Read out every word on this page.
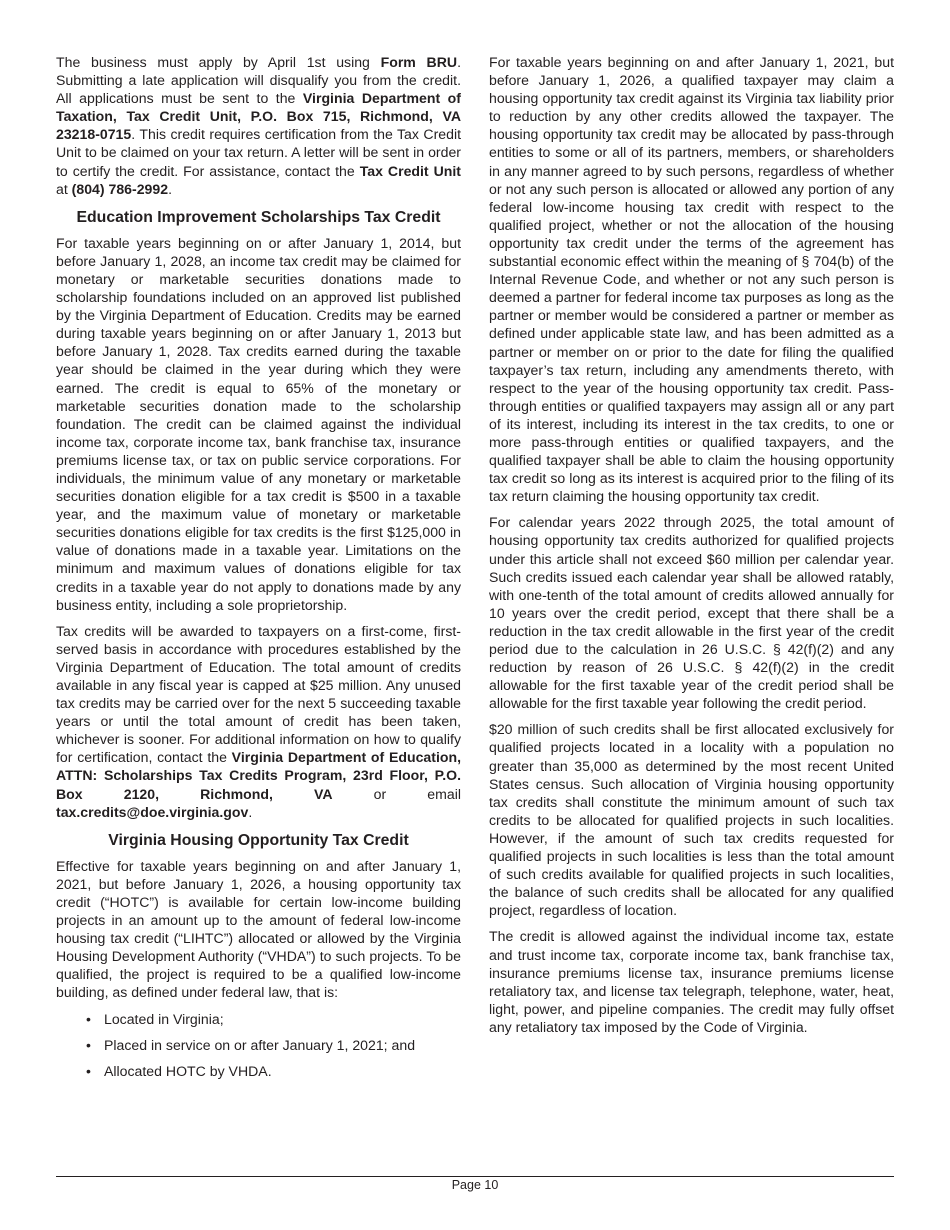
The business must apply by April 1st using Form BRU. Submitting a late application will disqualify you from the credit. All applications must be sent to the Virginia Department of Taxation, Tax Credit Unit, P.O. Box 715, Richmond, VA 23218-0715. This credit requires certification from the Tax Credit Unit to be claimed on your tax return. A letter will be sent in order to certify the credit. For assistance, contact the Tax Credit Unit at (804) 786-2992.

Education Improvement Scholarships Tax Credit

For taxable years beginning on or after January 1, 2014, but before January 1, 2028, an income tax credit may be claimed for monetary or marketable securities donations made to scholarship foundations included on an approved list published by the Virginia Department of Education. Credits may be earned during taxable years beginning on or after January 1, 2013 but before January 1, 2028. Tax credits earned during the taxable year should be claimed in the year during which they were earned. The credit is equal to 65% of the monetary or marketable securities donation made to the scholarship foundation. The credit can be claimed against the individual income tax, corporate income tax, bank franchise tax, insurance premiums license tax, or tax on public service corporations. For individuals, the minimum value of any monetary or marketable securities donation eligible for a tax credit is $500 in a taxable year, and the maximum value of monetary or marketable securities donations eligible for tax credits is the first $125,000 in value of donations made in a taxable year. Limitations on the minimum and maximum values of donations eligible for tax credits in a taxable year do not apply to donations made by any business entity, including a sole proprietorship.

Tax credits will be awarded to taxpayers on a first-come, first-served basis in accordance with procedures established by the Virginia Department of Education. The total amount of credits available in any fiscal year is capped at $25 million. Any unused tax credits may be carried over for the next 5 succeeding taxable years or until the total amount of credit has been taken, whichever is sooner. For additional information on how to qualify for certification, contact the Virginia Department of Education, ATTN: Scholarships Tax Credits Program, 23rd Floor, P.O. Box 2120, Richmond, VA or email tax.credits@doe.virginia.gov.

Virginia Housing Opportunity Tax Credit

Effective for taxable years beginning on and after January 1, 2021, but before January 1, 2026, a housing opportunity tax credit (“HOTC”) is available for certain low-income building projects in an amount up to the amount of federal low-income housing tax credit (“LIHTC”) allocated or allowed by the Virginia Housing Development Authority (“VHDA”) to such projects. To be qualified, the project is required to be a qualified low-income building, as defined under federal law, that is:

• Located in Virginia;
• Placed in service on or after January 1, 2021; and
• Allocated HOTC by VHDA.

For taxable years beginning on and after January 1, 2021, but before January 1, 2026, a qualified taxpayer may claim a housing opportunity tax credit against its Virginia tax liability prior to reduction by any other credits allowed the taxpayer. The housing opportunity tax credit may be allocated by pass-through entities to some or all of its partners, members, or shareholders in any manner agreed to by such persons, regardless of whether or not any such person is allocated or allowed any portion of any federal low-income housing tax credit with respect to the qualified project, whether or not the allocation of the housing opportunity tax credit under the terms of the agreement has substantial economic effect within the meaning of § 704(b) of the Internal Revenue Code, and whether or not any such person is deemed a partner for federal income tax purposes as long as the partner or member would be considered a partner or member as defined under applicable state law, and has been admitted as a partner or member on or prior to the date for filing the qualified taxpayer’s tax return, including any amendments thereto, with respect to the year of the housing opportunity tax credit. Pass-through entities or qualified taxpayers may assign all or any part of its interest, including its interest in the tax credits, to one or more pass-through entities or qualified taxpayers, and the qualified taxpayer shall be able to claim the housing opportunity tax credit so long as its interest is acquired prior to the filing of its tax return claiming the housing opportunity tax credit.

For calendar years 2022 through 2025, the total amount of housing opportunity tax credits authorized for qualified projects under this article shall not exceed $60 million per calendar year. Such credits issued each calendar year shall be allowed ratably, with one-tenth of the total amount of credits allowed annually for 10 years over the credit period, except that there shall be a reduction in the tax credit allowable in the first year of the credit period due to the calculation in 26 U.S.C. § 42(f)(2) and any reduction by reason of 26 U.S.C. § 42(f)(2) in the credit allowable for the first taxable year of the credit period shall be allowable for the first taxable year following the credit period.

$20 million of such credits shall be first allocated exclusively for qualified projects located in a locality with a population no greater than 35,000 as determined by the most recent United States census. Such allocation of Virginia housing opportunity tax credits shall constitute the minimum amount of such tax credits to be allocated for qualified projects in such localities. However, if the amount of such tax credits requested for qualified projects in such localities is less than the total amount of such credits available for qualified projects in such localities, the balance of such credits shall be allocated for any qualified project, regardless of location.

The credit is allowed against the individual income tax, estate and trust income tax, corporate income tax, bank franchise tax, insurance premiums license tax, insurance premiums license retaliatory tax, and license tax telegraph, telephone, water, heat, light, power, and pipeline companies. The credit may fully offset any retaliatory tax imposed by the Code of Virginia.

Page 10
